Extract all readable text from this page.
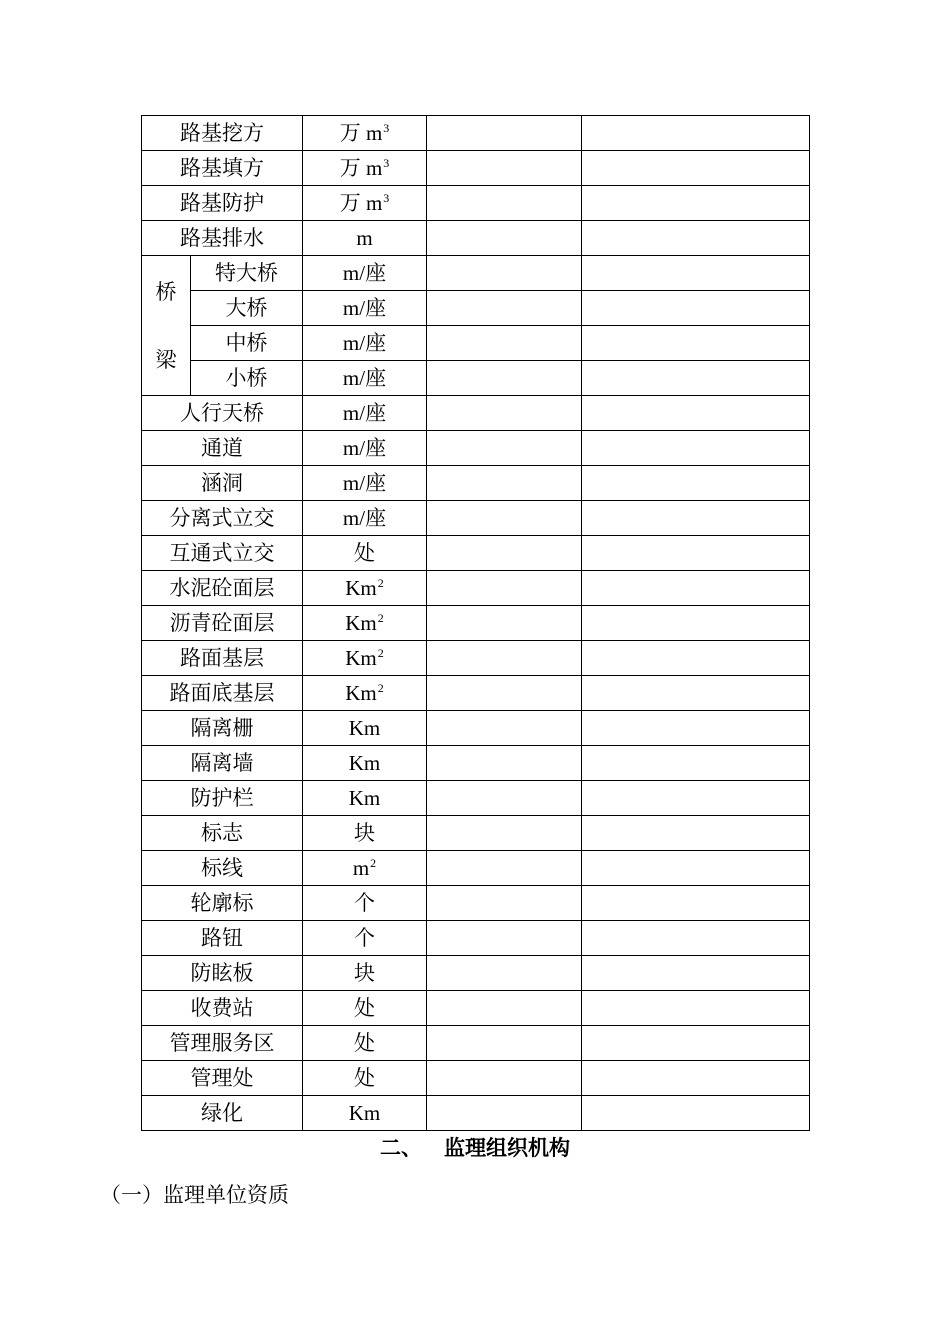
路基挖方		万 $m^3$		
路基填方		万 $m^3$		
路基防护		万 $m^3$		
路基排水		m		

桥
梁	特大桥	m/座		
	大桥	m/座		
	中桥	m/座		
	小桥	m/座		
人行天桥		m/座		
通道		m/座		
涵洞		m/座		
分离式立交		m/座		
互通式立交		处		
水泥砼面层		Km$^2$		
沥青砼面层		Km$^2$		
路面基层		Km$^2$		
路面底基层		Km$^2$		
隔离栅		Km		
隔离墙		Km		
防护栏		Km		
标志		块		
标线		$m^2$		
轮廓标		个		
路钮		个		
防眩板		块		
收费站		处		
管理服务区		处		
管理处		处		
绿化		Km		
二、   监理组织机构
（一）监理单位资质
